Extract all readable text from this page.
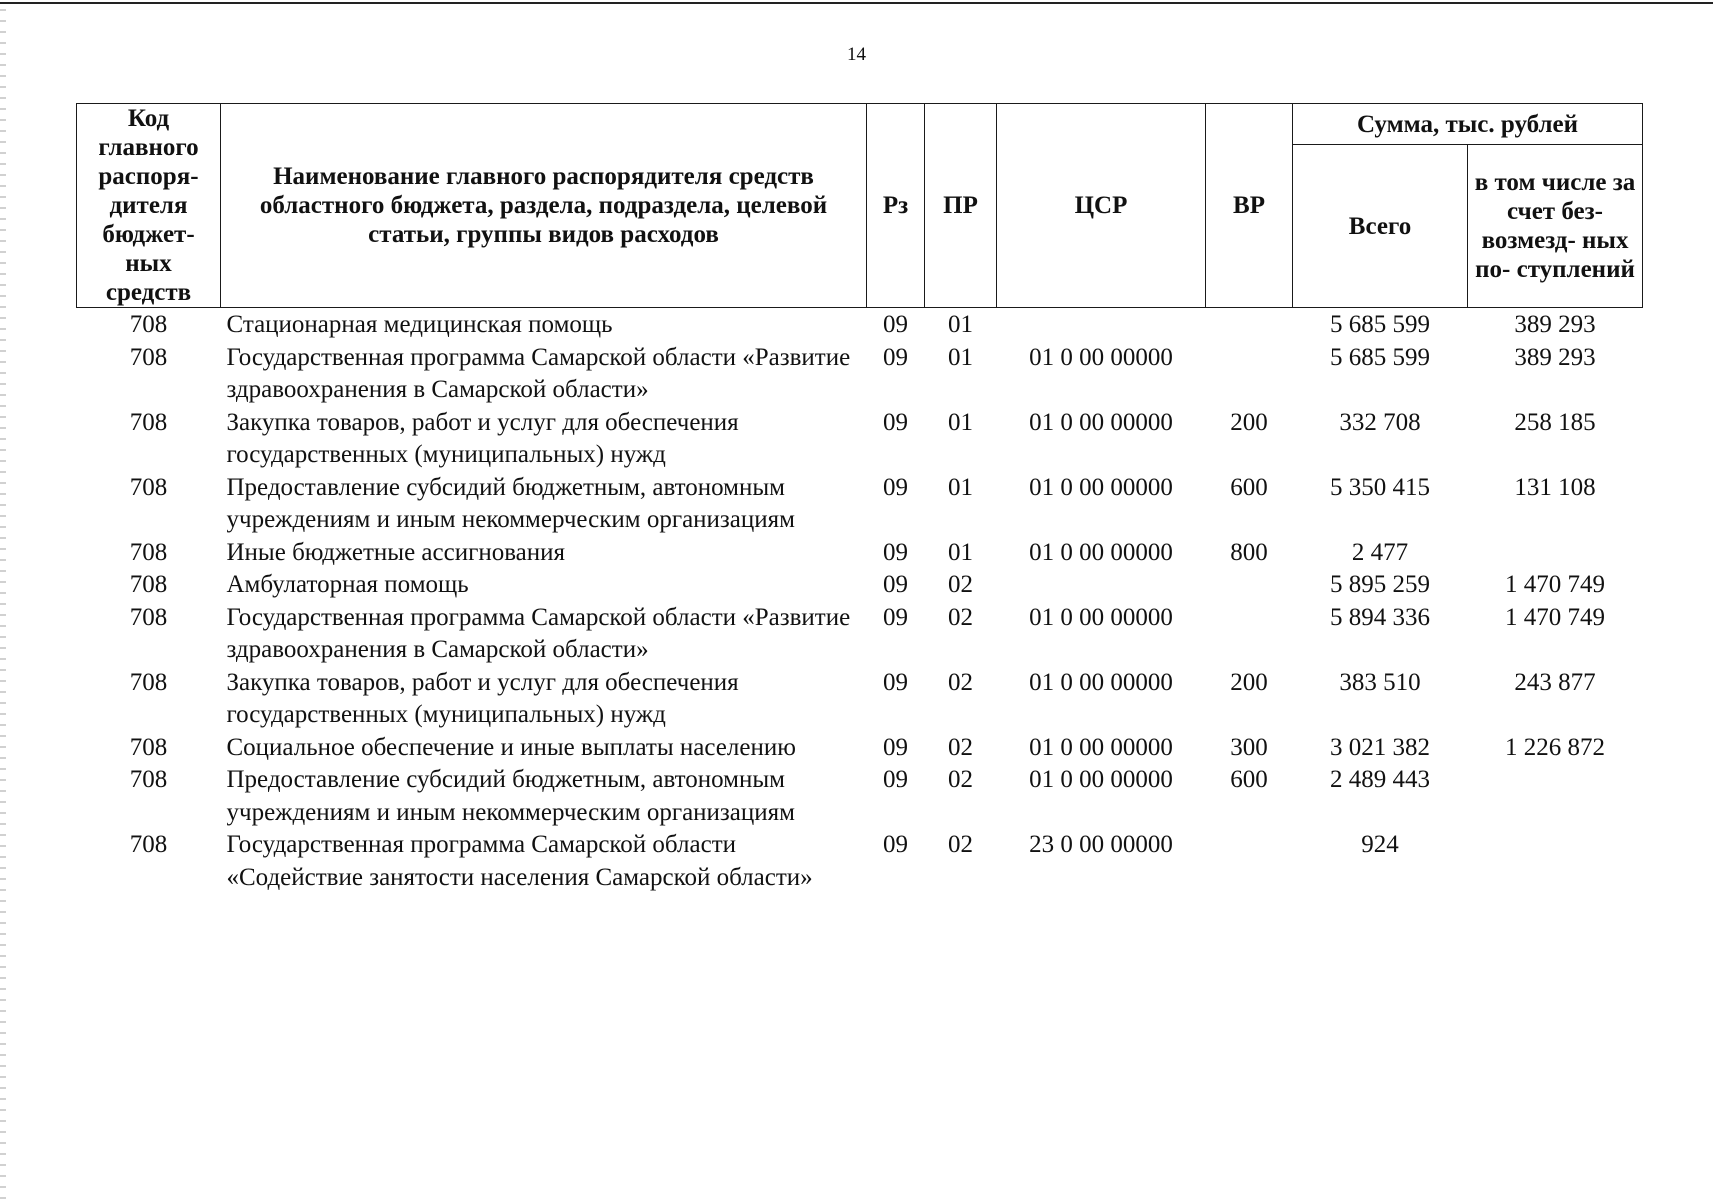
14
Код главного распоря- дителя бюджет- ных средств	Наименование главного распорядителя средств областного бюджета, раздела, подраздела, целевой статьи, группы видов расходов	Рз	ПР	ЦСР	ВР	Сумма, тыс. рублей	
						Всего	в том числе за счет без- возмезд- ных по- ступлений
708	Стационарная медицинская помощь	09	01			5 685 599	389 293
708	Государственная программа Самарской области «Развитие здравоохранения в Самарской области»	09	01	01 0 00 00000		5 685 599	389 293
708	Закупка товаров, работ и услуг для обеспечения государственных (муниципальных) нужд	09	01	01 0 00 00000	200	332 708	258 185
708	Предоставление субсидий бюджетным, автономным учреждениям и иным некоммерческим организациям	09	01	01 0 00 00000	600	5 350 415	131 108
708	Иные бюджетные ассигнования	09	01	01 0 00 00000	800	2 477	
708	Амбулаторная помощь	09	02			5 895 259	1 470 749
708	Государственная программа Самарской области «Развитие здравоохранения в Самарской области»	09	02	01 0 00 00000		5 894 336	1 470 749
708	Закупка товаров, работ и услуг для обеспечения государственных (муниципальных) нужд	09	02	01 0 00 00000	200	383 510	243 877
708	Социальное обеспечение и иные выплаты населению	09	02	01 0 00 00000	300	3 021 382	1 226 872
708	Предоставление субсидий бюджетным, автономным учреждениям и иным некоммерческим организациям	09	02	01 0 00 00000	600	2 489 443	
708	Государственная программа Самарской области «Содействие занятости населения Самарской области»	09	02	23 0 00 00000		924	
